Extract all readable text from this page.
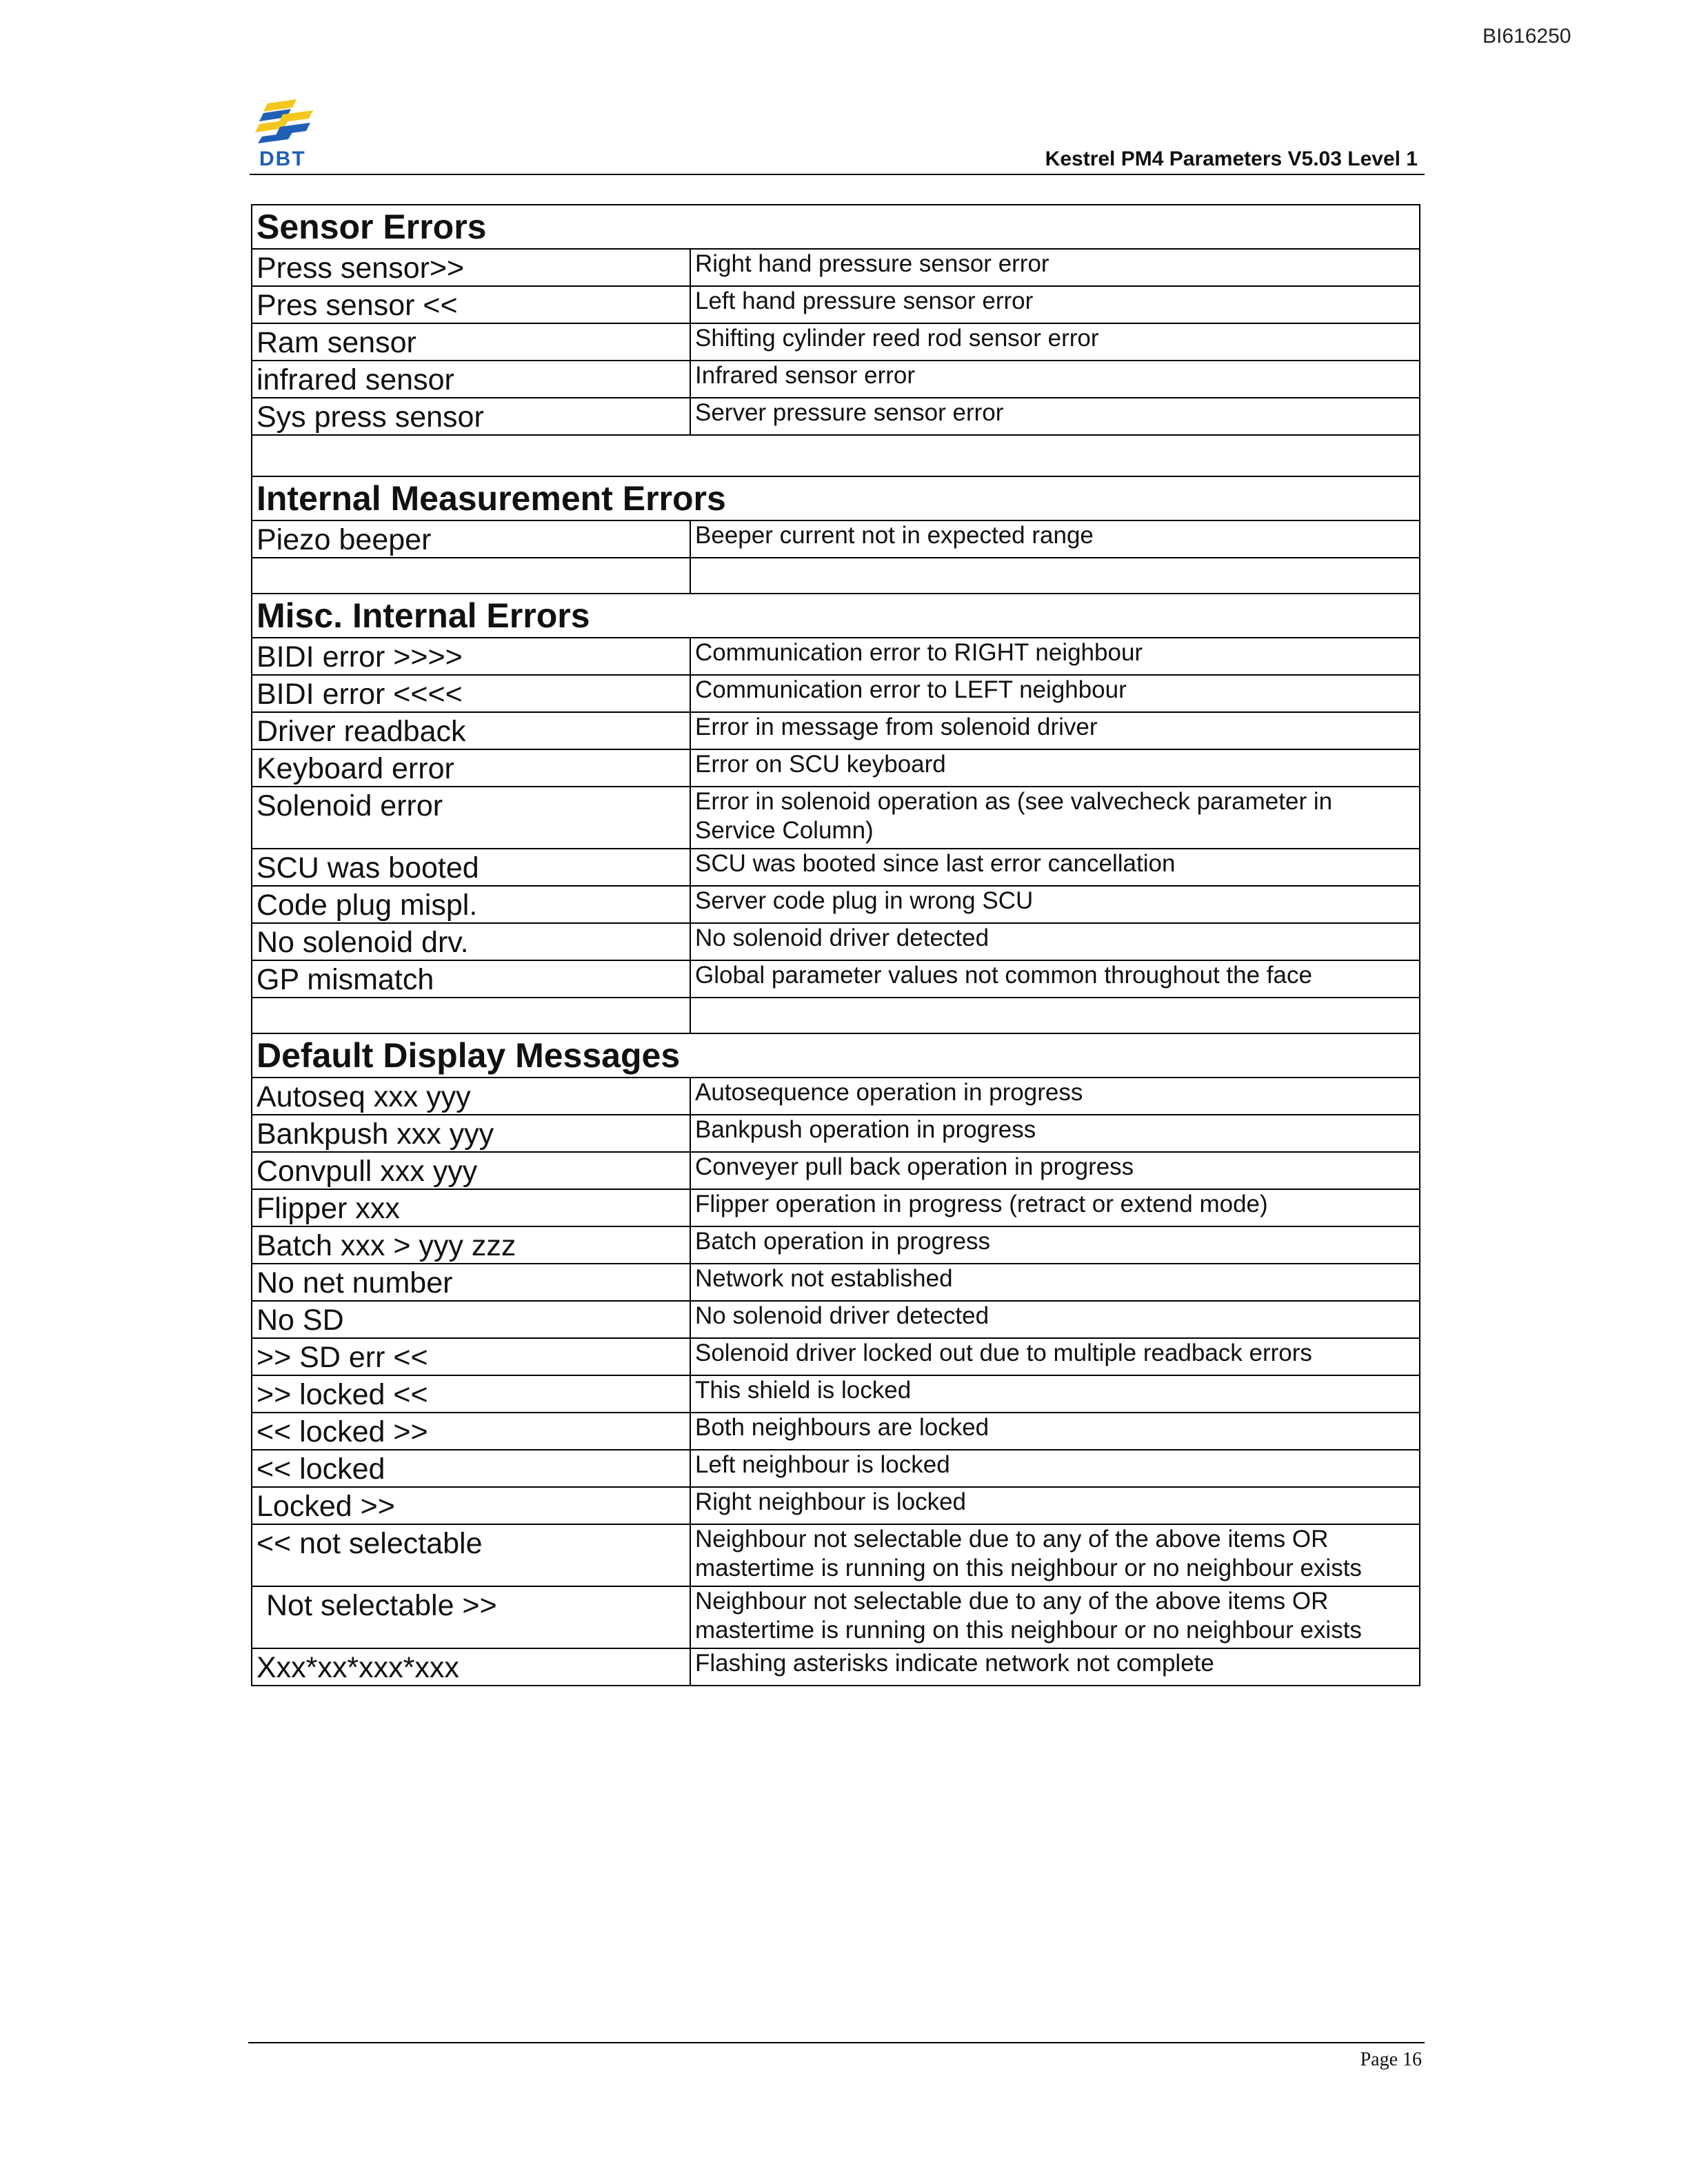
BI616250
DBT	Kestrel PM4 Parameters V5.03 Level 1
Sensor Errors	
Press sensor>>	Right hand pressure sensor error
Pres sensor <<	Left hand pressure sensor error
Ram sensor	Shifting cylinder reed rod sensor error
infrared sensor	Infrared sensor error
Sys press sensor	Server pressure sensor error

Internal Measurement Errors	
Piezo beeper	Beeper current not in expected range

Misc. Internal Errors	
BIDI error >>>>	Communication error to RIGHT neighbour
BIDI error <<<<	Communication error to LEFT neighbour
Driver readback	Error in message from solenoid driver
Keyboard error	Error on SCU keyboard
Solenoid error	Error in solenoid operation as (see valvecheck parameter in
Service Column)

SCU was booted	SCU was booted since last error cancellation
Code plug mispl.	Server code plug in wrong SCU
No solenoid drv.	No solenoid driver detected
GP mismatch	Global parameter values not common throughout the face

Default Display Messages	
Autoseq xxx yyy	Autosequence operation in progress
Bankpush xxx yyy	Bankpush operation in progress
Convpull xxx yyy	Conveyer pull back operation in progress
Flipper xxx	Flipper operation in progress (retract or extend mode)
Batch xxx > yyy zzz	Batch operation in progress
No net number	Network not established
No SD	No solenoid driver detected
>> SD err <<	Solenoid driver locked out due to multiple readback errors
>> locked <<	This shield is locked
<< locked >>	Both neighbours are locked
<< locked	Left neighbour is locked
Locked >>	Right neighbour is locked
<< not selectable	Neighbour not selectable due to any of the above items OR
mastertime is running on this neighbour or no neighbour exists

Not selectable >>	Neighbour not selectable due to any of the above items OR
mastertime is running on this neighbour or no neighbour exists

Xxx*xx*xxx*xxx	Flashing asterisks indicate network not complete
Page 16
